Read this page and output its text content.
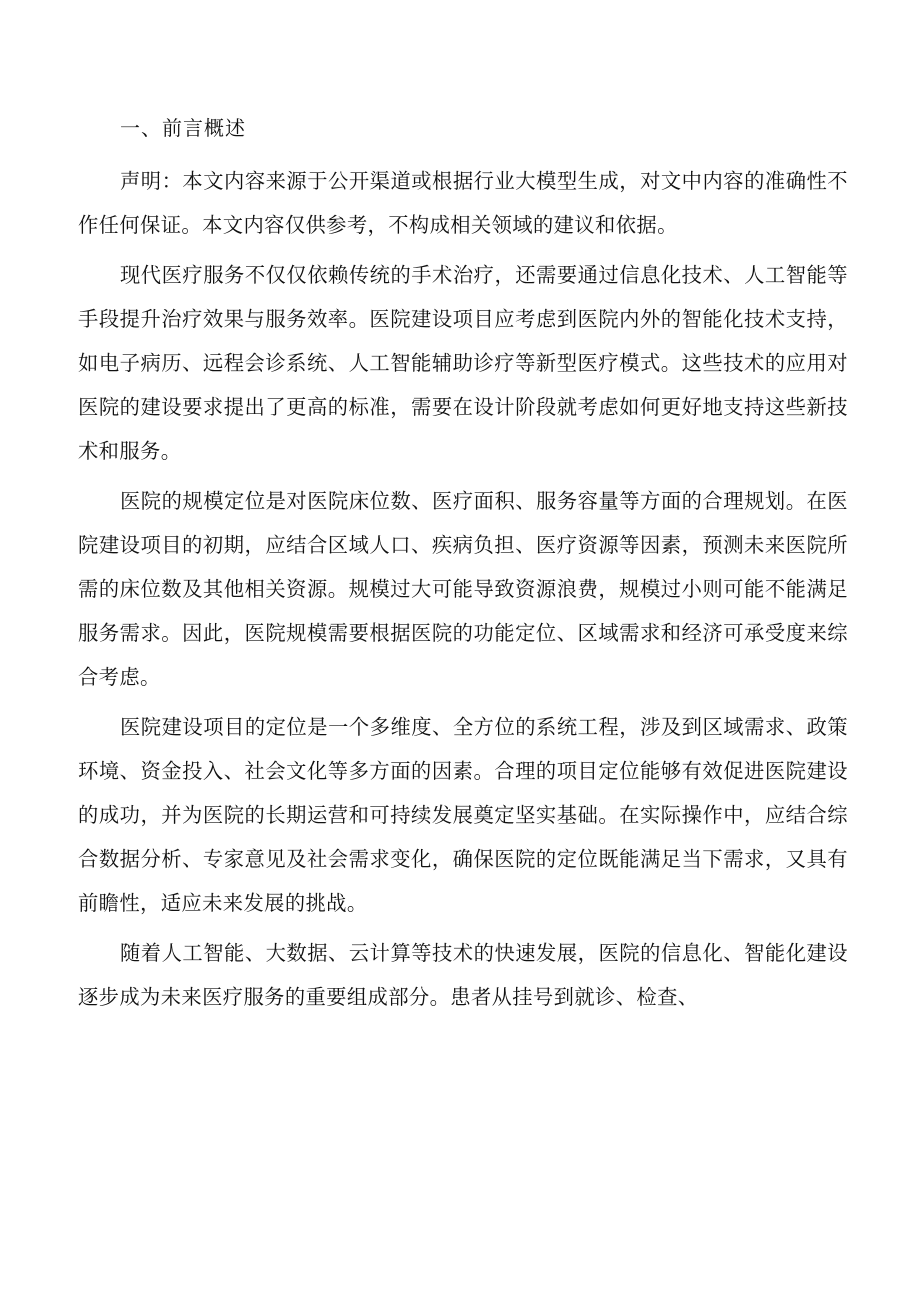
一、前言概述

声明：本文内容来源于公开渠道或根据行业大模型生成，对文中内容的准确性不作任何保证。本文内容仅供参考，不构成相关领域的建议和依据。

现代医疗服务不仅仅依赖传统的手术治疗，还需要通过信息化技术、人工智能等手段提升治疗效果与服务效率。医院建设项目应考虑到医院内外的智能化技术支持，如电子病历、远程会诊系统、人工智能辅助诊疗等新型医疗模式。这些技术的应用对医院的建设要求提出了更高的标准，需要在设计阶段就考虑如何更好地支持这些新技术和服务。

医院的规模定位是对医院床位数、医疗面积、服务容量等方面的合理规划。在医院建设项目的初期，应结合区域人口、疾病负担、医疗资源等因素，预测未来医院所需的床位数及其他相关资源。规模过大可能导致资源浪费，规模过小则可能不能满足服务需求。因此，医院规模需要根据医院的功能定位、区域需求和经济可承受度来综合考虑。

医院建设项目的定位是一个多维度、全方位的系统工程，涉及到区域需求、政策环境、资金投入、社会文化等多方面的因素。合理的项目定位能够有效促进医院建设的成功，并为医院的长期运营和可持续发展奠定坚实基础。在实际操作中，应结合综合数据分析、专家意见及社会需求变化，确保医院的定位既能满足当下需求，又具有前瞻性，适应未来发展的挑战。

随着人工智能、大数据、云计算等技术的快速发展，医院的信息化、智能化建设逐步成为未来医疗服务的重要组成部分。患者从挂号到就诊、检查、
